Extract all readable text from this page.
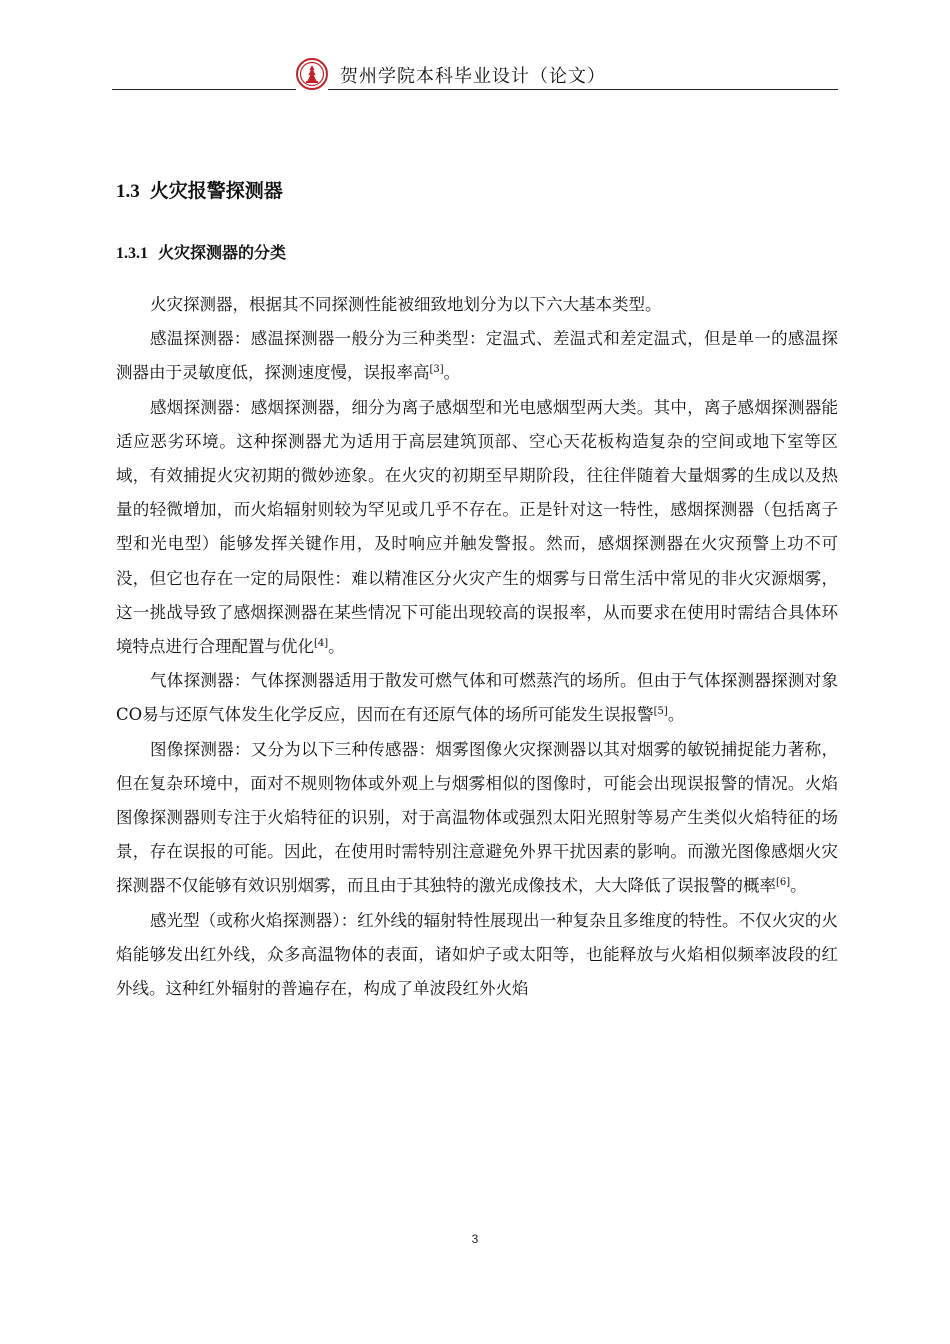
贺州学院本科毕业设计（论文）
1.3 火灾报警探测器
1.3.1 火灾探测器的分类

火灾探测器，根据其不同探测性能被细致地划分为以下六大基本类型。

感温探测器：感温探测器一般分为三种类型：定温式、差温式和差定温式，但是单一的感温探测器由于灵敏度低，探测速度慢，误报率高[3]。

感烟探测器：感烟探测器，细分为离子感烟型和光电感烟型两大类。其中，离子感烟探测器能适应恶劣环境。这种探测器尤为适用于高层建筑顶部、空心天花板构造复杂的空间或地下室等区域，有效捕捉火灾初期的微妙迹象。在火灾的初期至早期阶段，往往伴随着大量烟雾的生成以及热量的轻微增加，而火焰辐射则较为罕见或几乎不存在。正是针对这一特性，感烟探测器（包括离子型和光电型）能够发挥关键作用，及时响应并触发警报。然而，感烟探测器在火灾预警上功不可没，但它也存在一定的局限性：难以精准区分火灾产生的烟雾与日常生活中常见的非火灾源烟雾，这一挑战导致了感烟探测器在某些情况下可能出现较高的误报率，从而要求在使用时需结合具体环境特点进行合理配置与优化[4]。

气体探测器：气体探测器适用于散发可燃气体和可燃蒸汽的场所。但由于气体探测器探测对象CO易与还原气体发生化学反应，因而在有还原气体的场所可能发生误报警[5]。

图像探测器：又分为以下三种传感器：烟雾图像火灾探测器以其对烟雾的敏锐捕捉能力著称，但在复杂环境中，面对不规则物体或外观上与烟雾相似的图像时，可能会出现误报警的情况。火焰图像探测器则专注于火焰特征的识别，对于高温物体或强烈太阳光照射等易产生类似火焰特征的场景，存在误报的可能。因此，在使用时需特别注意避免外界干扰因素的影响。而激光图像感烟火灾探测器不仅能够有效识别烟雾，而且由于其独特的激光成像技术，大大降低了误报警的概率[6]。

感光型（或称火焰探测器）：红外线的辐射特性展现出一种复杂且多维度的特性。不仅火灾的火焰能够发出红外线，众多高温物体的表面，诸如炉子或太阳等，也能释放与火焰相似频率波段的红外线。这种红外辐射的普遍存在，构成了单波段红外火焰

3
